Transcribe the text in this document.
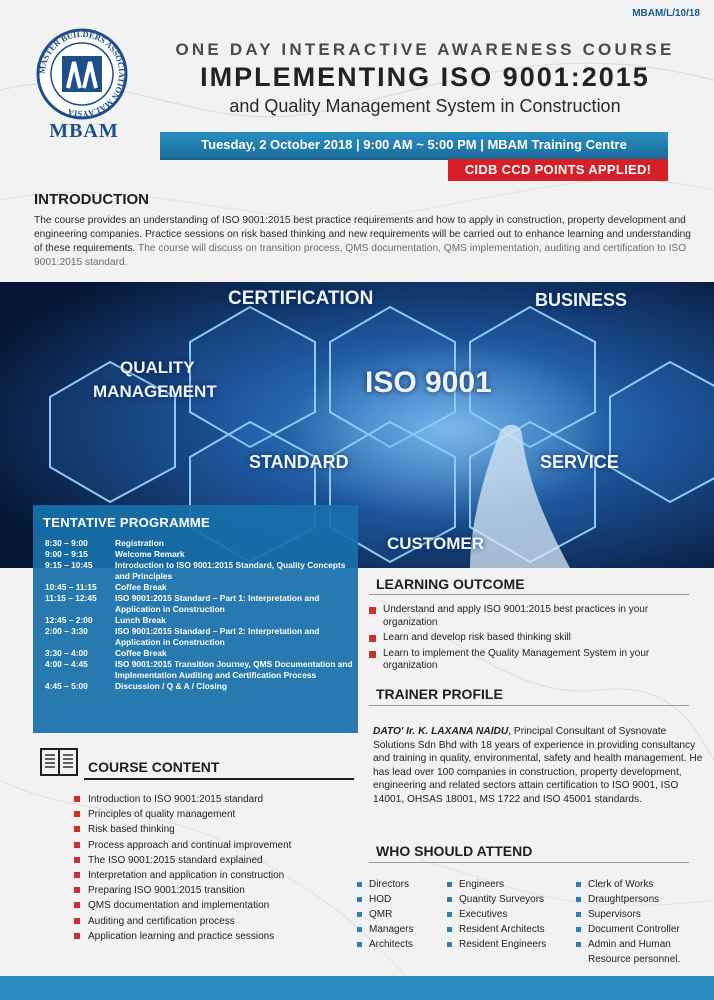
MBAM/L/10/18
MASTER BUILDERS ASSOCIATION MALAYSIA
MBAM
ONE DAY INTERACTIVE AWARENESS COURSE
IMPLEMENTING ISO 9001:2015
and Quality Management System in Construction
Tuesday, 2 October 2018 | 9:00 AM ~ 5:00 PM | MBAM Training Centre
CIDB CCD POINTS APPLIED!
INTRODUCTION
The course provides an understanding of ISO 9001:2015 best practice requirements and how to apply in construction, property development and engineering companies. Practice sessions on risk based thinking and new requirements will be carried out to enhance learning and understanding of these requirements. The course will discuss on transition process, QMS documentation, QMS implementation, auditing and certification to ISO 9001:2015 standard.
CERTIFICATION	BUSINESS
QUALITY
MANAGEMENT	ISO 9001
STANDARD	SERVICE
CUSTOMER
TENTATIVE PROGRAMME
8:30 – 9:00	Registration
9:00 – 9:15	Welcome Remark
9:15 – 10:45	Introduction to ISO 9001:2015 Standard, Quality Concepts and Principles
10:45 – 11:15	Coffee Break
11:15 – 12:45	ISO 9001:2015 Standard – Part 1: Interpretation and Application in Construction
12:45 – 2:00	Lunch Break
2:00 – 3:30	ISO 9001:2015 Standard – Part 2: Interpretation and Application in Construction
3:30 – 4:00	Coffee Break
4:00 – 4:45	ISO 9001:2015 Transition Journey, QMS Documentation and Implementation Auditing and Certification Process
4:45 – 5:00	Discussion / Q & A / Closing
LEARNING OUTCOME
Understand and apply ISO 9001:2015 best practices in your organization
Learn and develop risk based thinking skill
Learn to implement the Quality Management System in your organization
TRAINER PROFILE
DATO' Ir. K. LAXANA NAIDU, Principal Consultant of Sysnovate Solutions Sdn Bhd with 18 years of experience in providing consultancy and training in quality, environmental, safety and health management. He has lead over 100 companies in construction, property development, engineering and related sectors attain certification to ISO 9001, ISO 14001, OHSAS 18001, MS 1722 and ISO 45001 standards.
WHO SHOULD ATTEND
Directors
HOD
QMR
Managers
Architects
Engineers
Quantity Surveyors
Executives
Resident Architects
Resident Engineers
Clerk of Works
Draughtpersons
Supervisors
Document Controller
Admin and Human
Resource personnel.
COURSE CONTENT
Introduction to ISO 9001:2015 standard
Principles of quality management
Risk based thinking
Process approach and continual improvement
The ISO 9001:2015 standard explained
Interpretation and application in construction
Preparing ISO 9001:2015 transition
QMS documentation and implementation
Auditing and certification process
Application learning and practice sessions
